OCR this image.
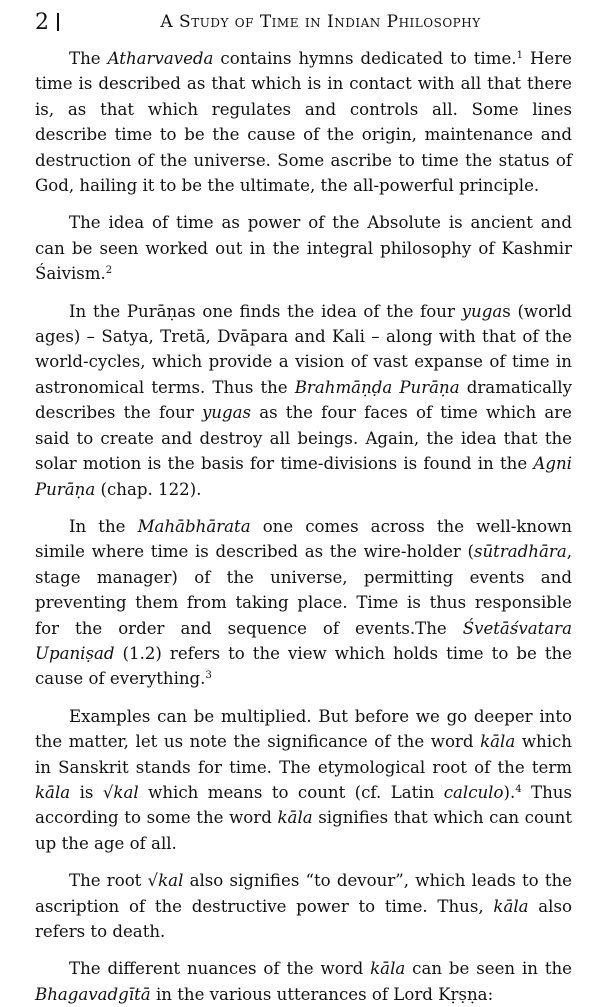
2	A Study of Time in Indian Philosophy

The Atharvaveda contains hymns dedicated to time.$^1$ Here time is described as that which is in contact with all that there is, as that which regulates and controls all. Some lines describe time to be the cause of the origin, maintenance and destruction of the universe. Some ascribe to time the status of God, hailing it to be the ultimate, the all-powerful principle.

The idea of time as power of the Absolute is ancient and can be seen worked out in the integral philosophy of Kashmir Śaivism.$^2$

In the Purāṇas one finds the idea of the four yugas (world ages) – Satya, Tretā, Dvāpara and Kali – along with that of the world-cycles, which provide a vision of vast expanse of time in astronomical terms. Thus the Brahmāṇḍa Purāṇa dramatically describes the four yugas as the four faces of time which are said to create and destroy all beings. Again, the idea that the solar motion is the basis for time-divisions is found in the Agni Purāṇa (chap. 122).

In the Mahābhārata one comes across the well-known simile where time is described as the wire-holder (sūtradhāra, stage manager) of the universe, permitting events and preventing them from taking place. Time is thus responsible for the order and sequence of events.The Śvetāśvatara Upaniṣad (1.2) refers to the view which holds time to be the cause of everything.$^3$

Examples can be multiplied. But before we go deeper into the matter, let us note the significance of the word kāla which in Sanskrit stands for time. The etymological root of the term kāla is √kal which means to count (cf. Latin calculo).$^4$ Thus according to some the word kāla signifies that which can count up the age of all.

The root √kal also signifies “to devour”, which leads to the ascription of the destructive power to time. Thus, kāla also refers to death.

The different nuances of the word kāla can be seen in the Bhagavadgītā in the various utterances of Lord Kṛṣṇa:
